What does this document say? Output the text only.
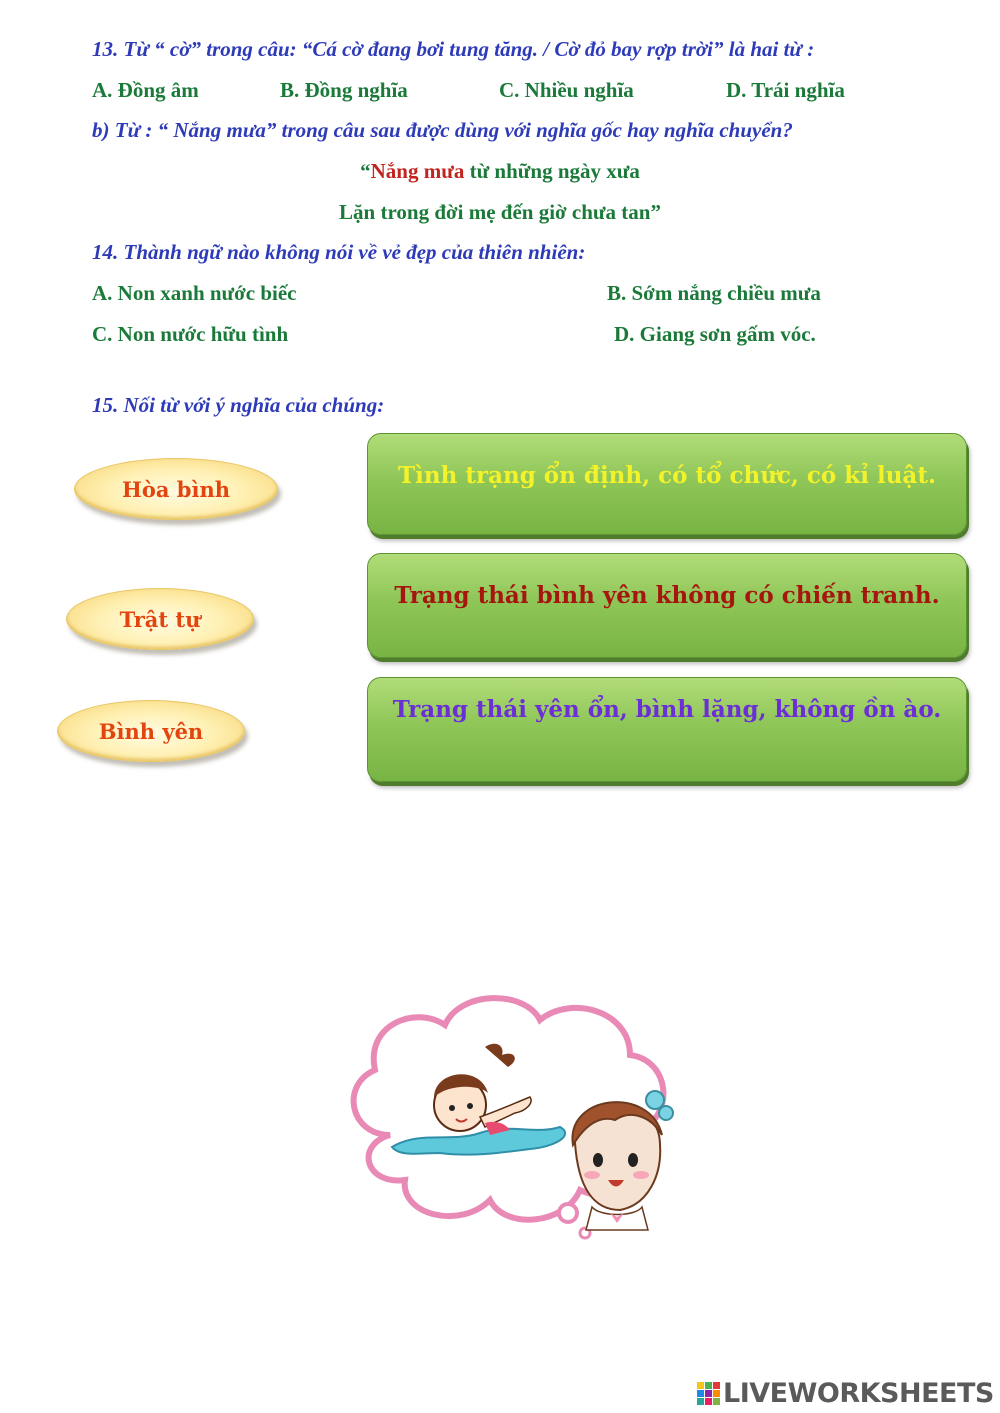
13. Từ “ cờ” trong câu: “Cá cờ đang bơi tung tăng. / Cờ đỏ bay rợp trời” là hai từ :
A. Đồng âm	B. Đồng nghĩa	C. Nhiều nghĩa	D. Trái nghĩa
b) Từ : “ Nắng mưa” trong câu sau được dùng với nghĩa gốc hay nghĩa chuyển?
“Nắng mưa từ những ngày xưa
Lặn trong đời mẹ đến giờ chưa tan”
14. Thành ngữ nào không nói về vẻ đẹp của thiên nhiên:
A. Non xanh nước biếc	B. Sớm nắng chiều mưa
C. Non nước hữu tình	D. Giang sơn gấm vóc.
15. Nối từ với ý nghĩa của chúng:
Hòa bình
Trật tự
Bình yên
Tình trạng ổn định, có tổ chức, có kỉ luật.
Trạng thái bình yên không có chiến tranh.
Trạng thái yên ổn, bình lặng, không ồn ào.
LIVEWORKSHEETS
